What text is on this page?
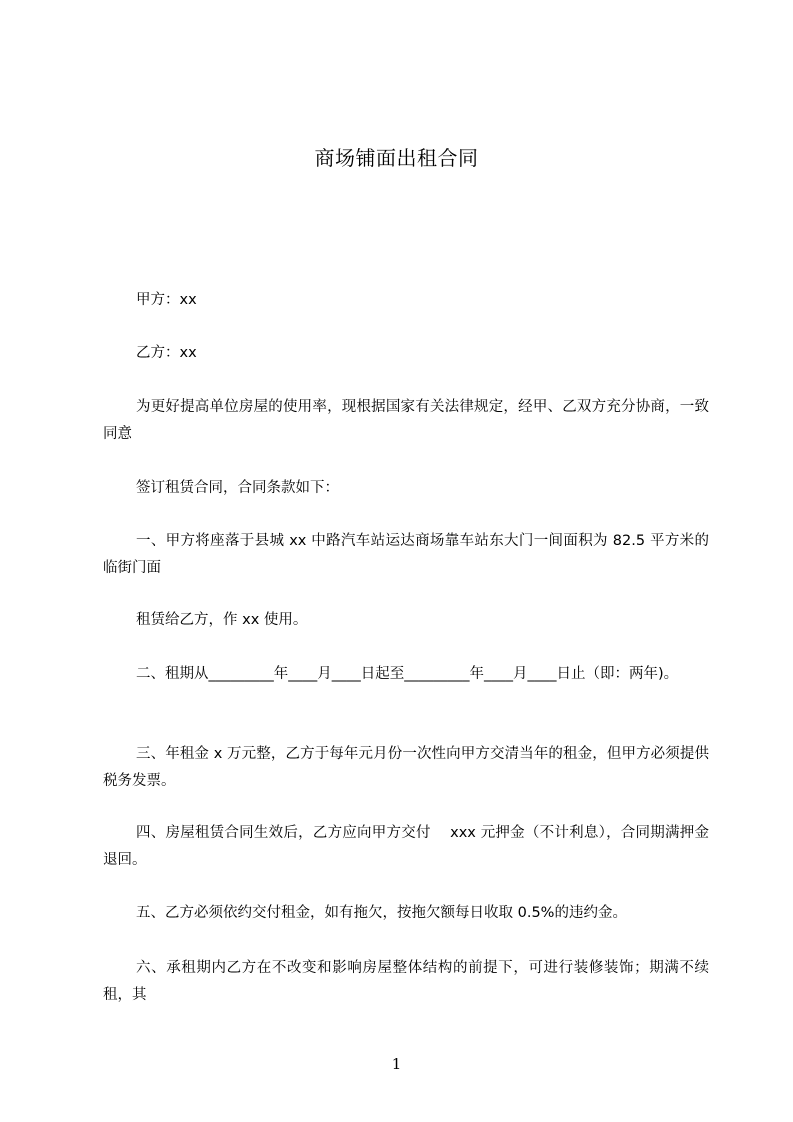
商场铺面出租合同
甲方：xx
乙方：xx
为更好提高单位房屋的使用率，现根据国家有关法律规定，经甲、乙双方充分协商，一致同意
签订租赁合同，合同条款如下：
一、甲方将座落于县城 xx 中路汽车站运达商场靠车站东大门一间面积为 82.5 平方米的临街门面
租赁给乙方，作 xx 使用。
二、租期从_________年____月____日起至_________年____月____日止（即：两年)。
三、年租金 x 万元整，乙方于每年元月份一次性向甲方交清当年的租金，但甲方必须提供税务发票。
四、房屋租赁合同生效后，乙方应向甲方交付    xxx 元押金（不计利息），合同期满押金退回。
五、乙方必须依约交付租金，如有拖欠，按拖欠额每日收取 0.5%的违约金。
六、承租期内乙方在不改变和影响房屋整体结构的前提下，可进行装修装饰；期满不续租，其
1
